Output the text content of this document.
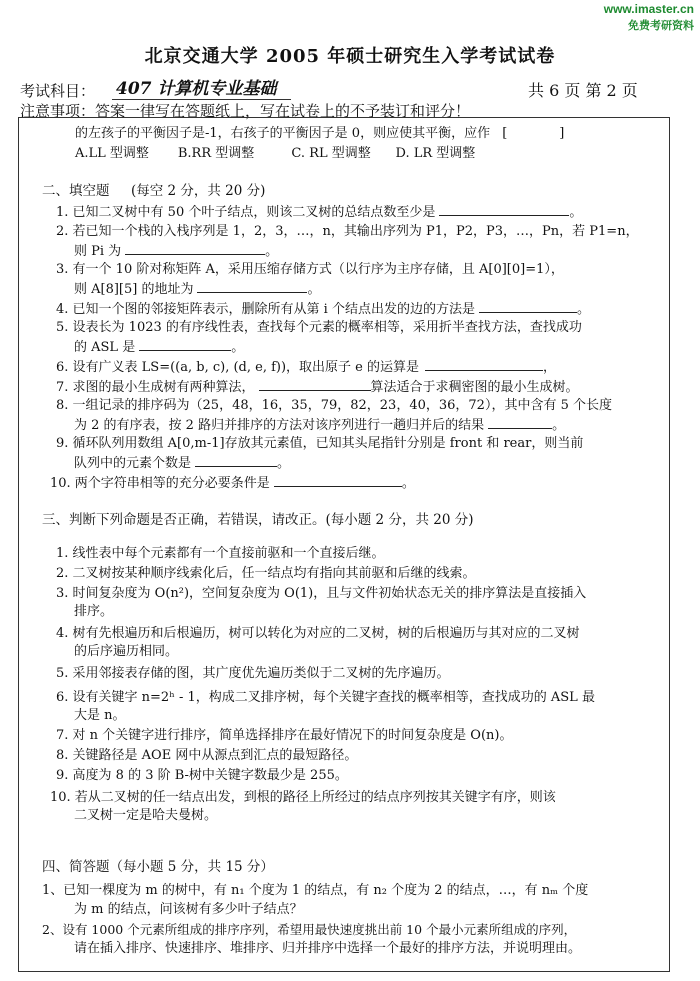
www.imaster.cn
免费考研资料
北京交通大学 2005 年硕士研究生入学考试试卷
考试科目： 407 计算机专业基础	共 6 页 第 2 页
注意事项：答案一律写在答题纸上，写在试卷上的不予装订和评分！
的左孩子的平衡因子是-1，右孩子的平衡因子是 0，则应使其平衡，应作 [	]
A.LL 型调整       B.RR 型调整         C. RL 型调整      D. LR 型调整
二、填空题     (每空 2 分，共 20 分)
1. 已知二叉树中有 50 个叶子结点，则该二叉树的总结点数至少是	。
2. 若已知一个栈的入栈序列是 1，2，3，…，n，其输出序列为 P1，P2，P3，…，Pn，若 P1=n，
则 Pi 为	。
3. 有一个 10 阶对称矩阵 A，采用压缩存储方式（以行序为主序存储，且 A[0][0]=1），
则 A[8][5] 的地址为	。
4. 已知一个图的邻接矩阵表示，删除所有从第 i 个结点出发的边的方法是	。
5. 设表长为 1023 的有序线性表，查找每个元素的概率相等，采用折半查找方法，查找成功
的 ASL 是	。
6. 设有广义表 LS=((a, b, c), (d, e, f))，取出原子 e 的运算是	，
7. 求图的最小生成树有两种算法，	算法适合于求稠密图的最小生成树。
8. 一组记录的排序码为（25，48，16，35，79，82，23，40，36，72），其中含有 5 个长度
为 2 的有序表，按 2 路归并排序的方法对该序列进行一趟归并后的结果	。
9. 循环队列用数组 A[0,m-1]存放其元素值，已知其头尾指针分别是 front 和 rear，则当前
队列中的元素个数是	。
10. 两个字符串相等的充分必要条件是	。
三、判断下列命题是否正确，若错误，请改正。(每小题 2 分，共 20 分)
1. 线性表中每个元素都有一个直接前驱和一个直接后继。
2. 二叉树按某种顺序线索化后，任一结点均有指向其前驱和后继的线索。
3. 时间复杂度为 O(n²)，空间复杂度为 O(1)，且与文件初始状态无关的排序算法是直接插入
排序。
4. 树有先根遍历和后根遍历，树可以转化为对应的二叉树，树的后根遍历与其对应的二叉树
的后序遍历相同。
5. 采用邻接表存储的图，其广度优先遍历类似于二叉树的先序遍历。
6. 设有关键字 n=2ʰ - 1，构成二叉排序树，每个关键字查找的概率相等，查找成功的 ASL 最
大是 n。
7. 对 n 个关键字进行排序，简单选择排序在最好情况下的时间复杂度是 O(n)。
8. 关键路径是 AOE 网中从源点到汇点的最短路径。
9. 高度为 8 的 3 阶 B-树中关键字数最少是 255。
10. 若从二叉树的任一结点出发，到根的路径上所经过的结点序列按其关键字有序，则该
二叉树一定是哈夫曼树。
四、简答题（每小题 5 分，共 15 分）
1、已知一棵度为 m 的树中，有 n₁ 个度为 1 的结点，有 n₂ 个度为 2 的结点，…，有 nₘ 个度
为 m 的结点，问该树有多少叶子结点？
2、设有 1000 个元素所组成的排序序列，希望用最快速度挑出前 10 个最小元素所组成的序列，
请在插入排序、快速排序、堆排序、归并排序中选择一个最好的排序方法，并说明理由。
